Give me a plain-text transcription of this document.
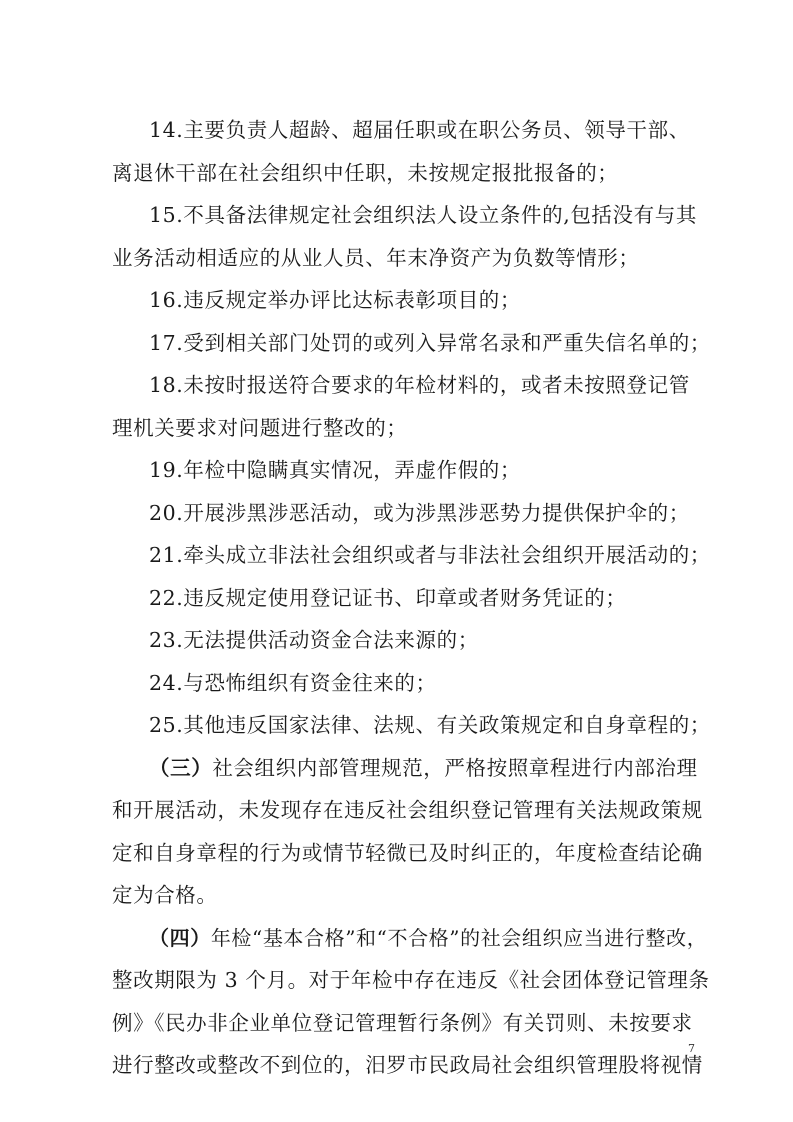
14.主要负责人超龄、超届任职或在职公务员、领导干部、
离退休干部在社会组织中任职，未按规定报批报备的；
15.不具备法律规定社会组织法人设立条件的,包括没有与其
业务活动相适应的从业人员、年末净资产为负数等情形；
16.违反规定举办评比达标表彰项目的；
17.受到相关部门处罚的或列入异常名录和严重失信名单的；
18.未按时报送符合要求的年检材料的，或者未按照登记管
理机关要求对问题进行整改的；
19.年检中隐瞒真实情况，弄虚作假的；
20.开展涉黑涉恶活动，或为涉黑涉恶势力提供保护伞的；
21.牵头成立非法社会组织或者与非法社会组织开展活动的；
22.违反规定使用登记证书、印章或者财务凭证的；
23.无法提供活动资金合法来源的；
24.与恐怖组织有资金往来的；
25.其他违反国家法律、法规、有关政策规定和自身章程的；
（三）社会组织内部管理规范，严格按照章程进行内部治理
和开展活动，未发现存在违反社会组织登记管理有关法规政策规
定和自身章程的行为或情节轻微已及时纠正的，年度检查结论确
定为合格。
（四）年检“基本合格”和“不合格”的社会组织应当进行整改，
整改期限为 3 个月。对于年检中存在违反《社会团体登记管理条
例》《民办非企业单位登记管理暂行条例》有关罚则、未按要求
进行整改或整改不到位的，汨罗市民政局社会组织管理股将视情
7
